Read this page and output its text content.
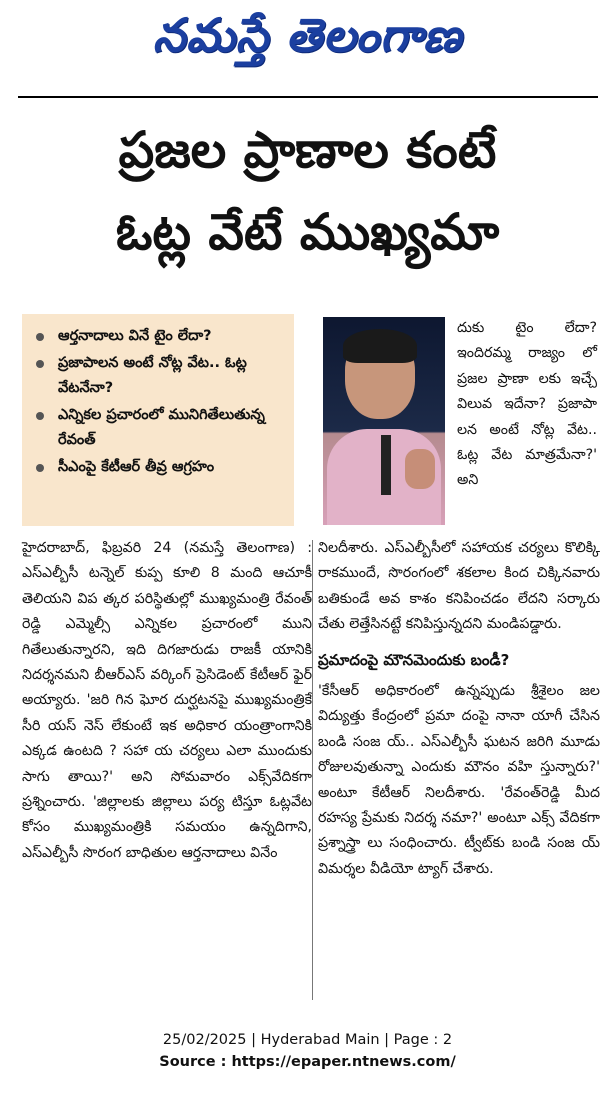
నమస్తే తెలంగాణ
ప్రజల ప్రాణాల కంటే
ఓట్ల వేటే ముఖ్యమా
ఆర్తనాదాలు వినే టైం లేదా?
ప్రజాపాలన అంటే నోట్ల వేట.. ఓట్ల వేటనేనా?
ఎన్నికల ప్రచారంలో మునిగితేలుతున్న రేవంత్
సీఎంపై కేటీఆర్ తీవ్ర ఆగ్రహం

దుకు టైం లేదా? ఇందిరమ్మ రాజ్యం లో ప్రజల ప్రాణా లకు ఇచ్చే విలువ ఇదేనా? ప్రజాపా లన అంటే నోట్ల వేట.. ఓట్ల వేట మాత్రమేనా?' అని

హైదరాబాద్, ఫిబ్రవరి 24 (నమస్తే తెలంగాణ) : ఎస్ఎల్బీసీ టన్నెల్ కుప్ప కూలి 8 మంది ఆచూకీ తెలియని విప త్కర పరిస్థితుల్లో ముఖ్యమంత్రి రేవంత్ రెడ్డి ఎమ్మెల్సీ ఎన్నికల ప్రచారంలో ముని గితేలుతున్నారని, ఇది దిగజారుడు రాజకీ యానికి నిదర్శనమని బీఆర్ఎస్ వర్కింగ్ ప్రెసిడెంట్ కేటీఆర్ ఫైర్ అయ్యారు. 'జరి గిన ఘోర దుర్ఘటనపై ముఖ్యమంత్రికే సీరి యస్ నెస్ లేకుంటే ఇక అధికార యంత్రాంగానికి ఎక్కడ ఉంటది ? సహా య చర్యలు ఎలా ముందుకు సాగు తాయి?' అని సోమవారం ఎక్స్‌వేదికగా ప్రశ్నించారు. 'జిల్లాలకు జిల్లాలు పర్య టిస్తూ ఓట్లవేట కోసం ముఖ్యమంత్రికి సమయం ఉన్నదిగాని, ఎస్ఎల్బీసీ సొరంగ బాధితుల ఆర్తనాదాలు వినేం

నిలదీశారు. ఎస్ఎల్బీసీలో సహాయక చర్యలు కొలిక్కి రాకముందే, సొరంగంలో శకలాల కింద చిక్కినవారు బతికుండే అవ కాశం కనిపించడం లేదని సర్కారు చేతు లెత్తేసినట్టే కనిపిస్తున్నదని మండిపడ్డారు.

ప్రమాదంపై మౌనమెందుకు బండీ?

'కేసీఆర్ అధికారంలో ఉన్నప్పుడు శ్రీశైలం జల విద్యుత్తు కేంద్రంలో ప్రమా దంపై నానా యాగీ చేసిన బండి సంజ య్.. ఎస్ఎల్బీసీ ఘటన జరిగి మూడు రోజులవుతున్నా ఎందుకు మౌనం వహి స్తున్నారు?' అంటూ కేటీఆర్ నిలదీశారు. 'రేవంత్‌రెడ్డి మీద రహస్య ప్రేమకు నిదర్శ నమా?' అంటూ ఎక్స్ వేదికగా ప్రశ్నాస్త్రా లు సంధించారు. ట్వీట్‌కు బండి సంజ య్ విమర్శల వీడియో ట్యాగ్ చేశారు.

25/02/2025 | Hyderabad Main | Page : 2
Source : https://epaper.ntnews.com/
